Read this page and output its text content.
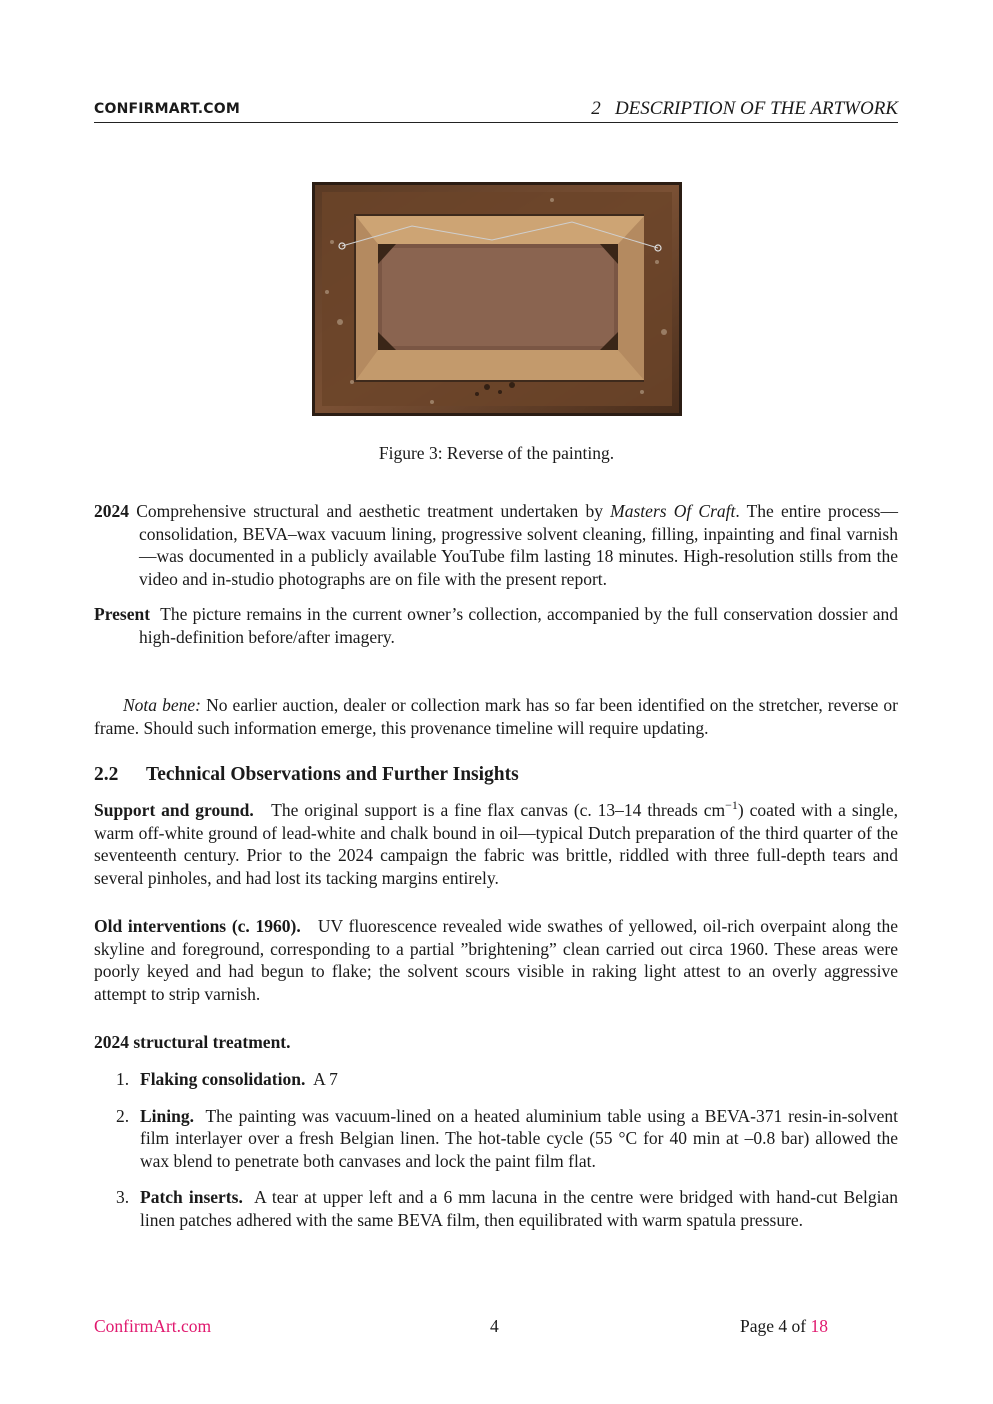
CONFIRMART.COM	2   DESCRIPTION OF THE ARTWORK
Figure 3: Reverse of the painting.
2024 Comprehensive structural and aesthetic treatment undertaken by Masters Of Craft. The entire process—consolidation, BEVA–wax vacuum lining, progressive solvent cleaning, filling, inpainting and final varnish—was documented in a publicly available YouTube film lasting 18 minutes. High-resolution stills from the video and in-studio photographs are on file with the present report.
Present The picture remains in the current owner’s collection, accompanied by the full conservation dossier and high-definition before/after imagery.
Nota bene: No earlier auction, dealer or collection mark has so far been identified on the stretcher, reverse or frame. Should such information emerge, this provenance timeline will require updating.
2.2 Technical Observations and Further Insights
Support and ground. The original support is a fine flax canvas (c. 13–14 threads $cm^{-1}$) coated with a single, warm off-white ground of lead-white and chalk bound in oil—typical Dutch preparation of the third quarter of the seventeenth century. Prior to the 2024 campaign the fabric was brittle, riddled with three full-depth tears and several pinholes, and had lost its tacking margins entirely.
Old interventions (c. 1960). UV fluorescence revealed wide swathes of yellowed, oil-rich overpaint along the skyline and foreground, corresponding to a partial ”brightening” clean carried out circa 1960. These areas were poorly keyed and had begun to flake; the solvent scours visible in raking light attest to an overly aggressive attempt to strip varnish.
2024 structural treatment.
1. Flaking consolidation. A 7
2. Lining. The painting was vacuum-lined on a heated aluminium table using a BEVA-371 resin-in-solvent film interlayer over a fresh Belgian linen. The hot-table cycle (55 °C for 40 min at –0.8 bar) allowed the wax blend to penetrate both canvases and lock the paint film flat.
3. Patch inserts. A tear at upper left and a 6 mm lacuna in the centre were bridged with hand-cut Belgian linen patches adhered with the same BEVA film, then equilibrated with warm spatula pressure.
ConfirmArt.com	4	Page 4 of 18
